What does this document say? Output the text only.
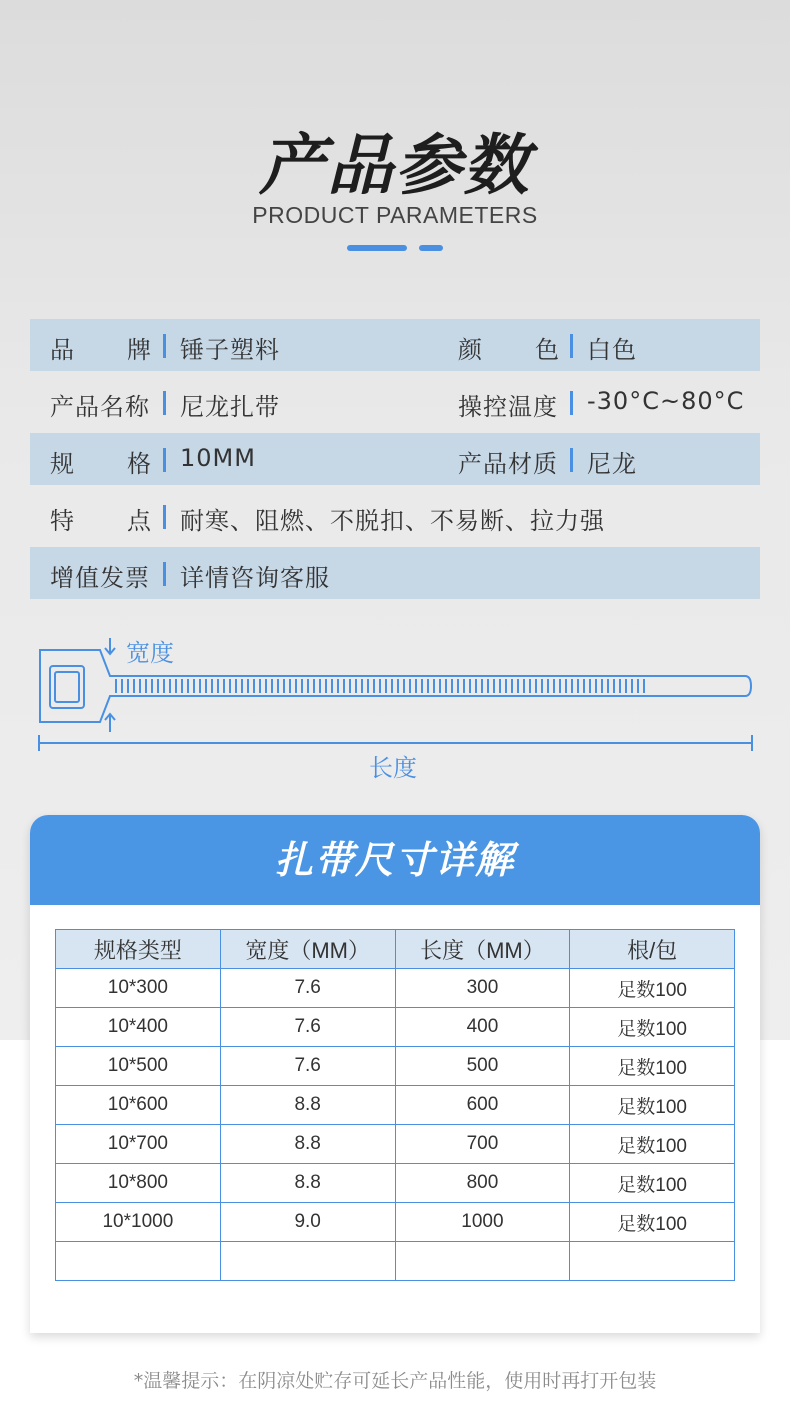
产品参数
PRODUCT PARAMETERS
品 牌 锤子塑料	颜 色 白色
产品名称 尼龙扎带	操控温度 -30°C~80°C
规 格 10MM	产品材质 尼龙
特 点 耐寒、阻燃、不脱扣、不易断、拉力强
增值发票 详情咨询客服
宽度
长度
扎带尺寸详解
规格类型	宽度（MM）	长度（MM）	根/包
10*300	7.6	300	足数100
10*400	7.6	400	足数100
10*500	7.6	500	足数100
10*600	8.8	600	足数100
10*700	8.8	700	足数100
10*800	8.8	800	足数100
10*1000	9.0	1000	足数100

*温馨提示：在阴凉处贮存可延长产品性能，使用时再打开包装
